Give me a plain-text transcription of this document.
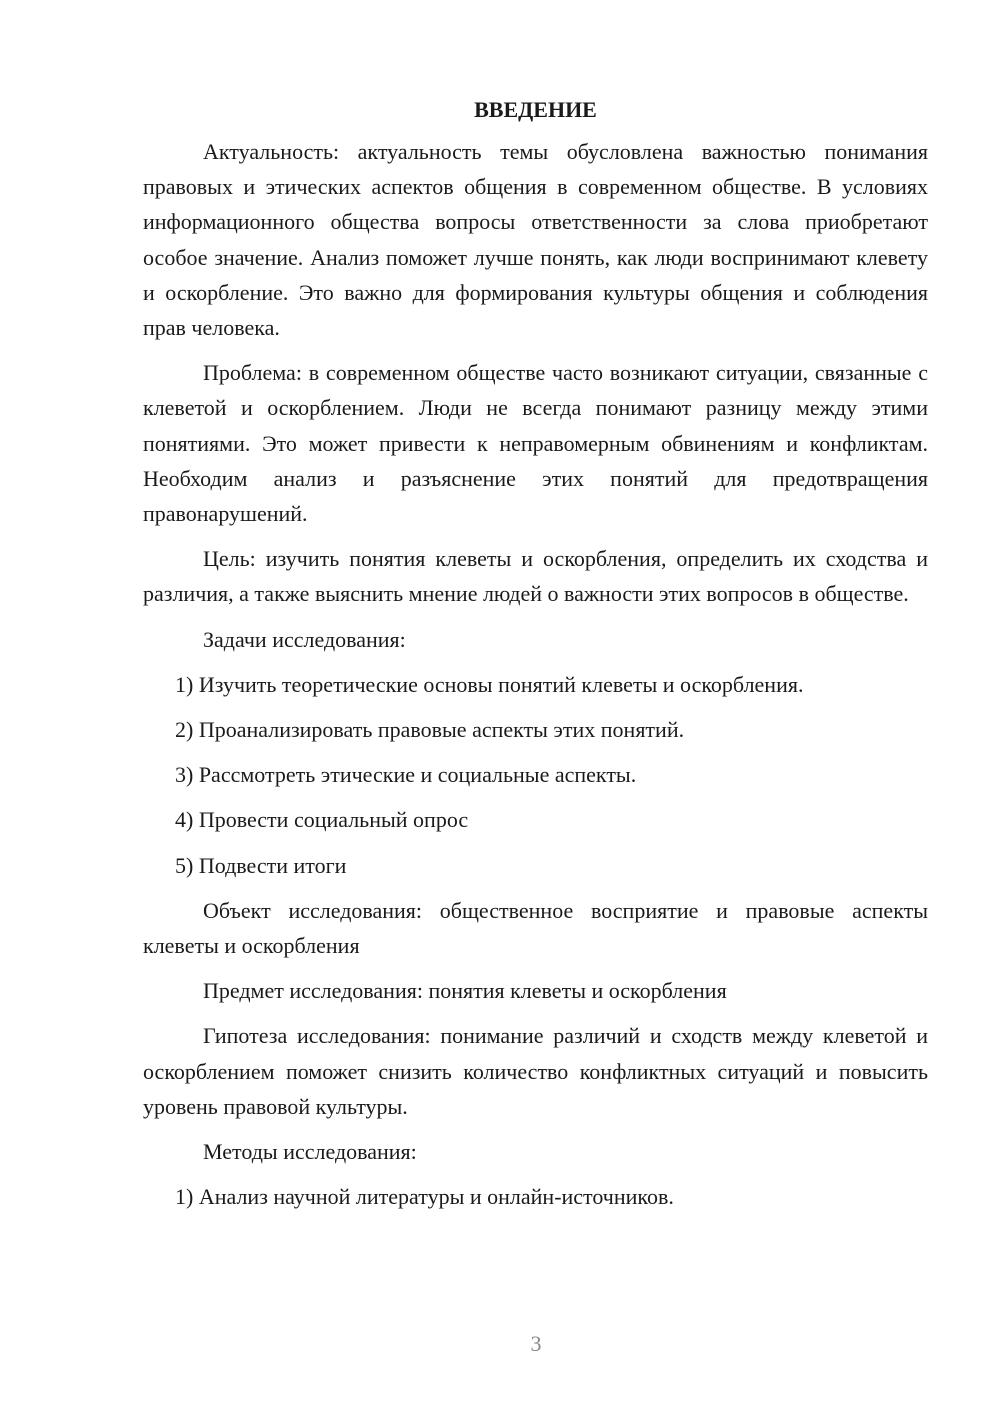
ВВЕДЕНИЕ

Актуальность: актуальность темы обусловлена важностью понимания правовых и этических аспектов общения в современном обществе. В условиях информационного общества вопросы ответственности за слова приобретают особое значение. Анализ поможет лучше понять, как люди воспринимают клевету и оскорбление. Это важно для формирования культуры общения и соблюдения прав человека.

Проблема: в современном обществе часто возникают ситуации, связанные с клеветой и оскорблением. Люди не всегда понимают разницу между этими понятиями. Это может привести к неправомерным обвинениям и конфликтам. Необходим анализ и разъяснение этих понятий для предотвращения правонарушений.

Цель: изучить понятия клеветы и оскорбления, определить их сходства и различия, а также выяснить мнение людей о важности этих вопросов в обществе.

Задачи исследования:
1) Изучить теоретические основы понятий клеветы и оскорбления.
2) Проанализировать правовые аспекты этих понятий.
3) Рассмотреть этические и социальные аспекты.
4) Провести социальный опрос
5) Подвести итоги

Объект исследования: общественное восприятие и правовые аспекты клеветы и оскорбления

Предмет исследования: понятия клеветы и оскорбления

Гипотеза исследования: понимание различий и сходств между клеветой и оскорблением поможет снизить количество конфликтных ситуаций и повысить уровень правовой культуры.

Методы исследования:
1) Анализ научной литературы и онлайн-источников.
3
